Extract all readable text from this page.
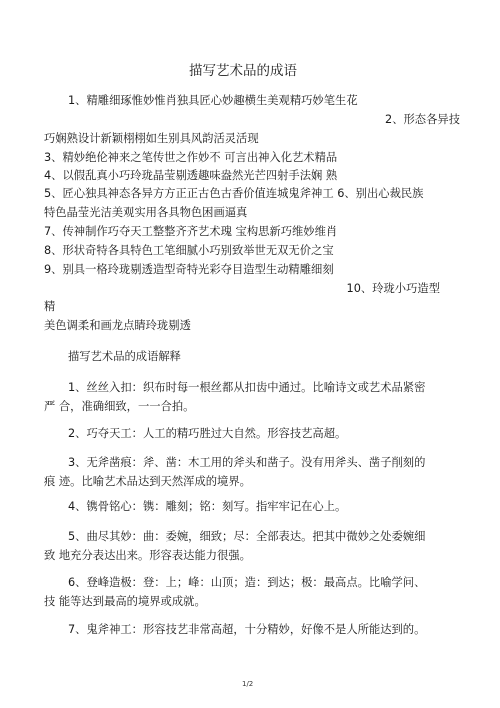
描写艺术品的成语
1、精雕细琢惟妙惟肖独具匠心妙趣横生美观精巧妙笔生花
2、形态各异技
巧娴熟设计新颖栩栩如生别具风韵活灵活现
3、精妙绝伦神来之笔传世之作妙不 可言出神入化艺术精品
4、以假乱真小巧玲珑晶莹剔透趣味盎然光芒四射手法娴 熟
5、匠心独具神态各异方方正正古色古香价值连城鬼斧神工 6、别出心裁民族
特色晶莹光洁美观实用各具物色困画逼真
7、传神制作巧夺天工整整齐齐艺术瑰 宝构思新巧维妙维肖
8、形状奇特各具特色工笔细腻小巧别致举世无双无价之宝
9、别具一格玲珑剔透造型奇特光彩夺目造型生动精雕细刻
10、玲珑小巧造型
精
美色调柔和画龙点睛玲珑剔透
描写艺术品的成语解释
1、丝丝入扣：织布时每一根丝都从扣齿中通过。比喻诗文或艺术品紧密
严 合，准确细致，一一合拍。
2、巧夺天工：人工的精巧胜过大自然。形容技艺高超。
3、无斧凿痕：斧、凿：木工用的斧头和凿子。没有用斧头、凿子削刻的
痕 迹。比喻艺术品达到天然浑成的境界。
4、镌骨铭心：镌：雕刻；铭：刻写。指牢牢记在心上。
5、曲尽其妙：曲：委婉，细致；尽：全部表达。把其中微妙之处委婉细
致 地充分表达出来。形容表达能力很强。
6、登峰造极：登：上；峰：山顶；造：到达；极：最高点。比喻学问、
技 能等达到最高的境界或成就。
7、鬼斧神工：形容技艺非常高超，十分精妙，好像不是人所能达到的。
1/2
